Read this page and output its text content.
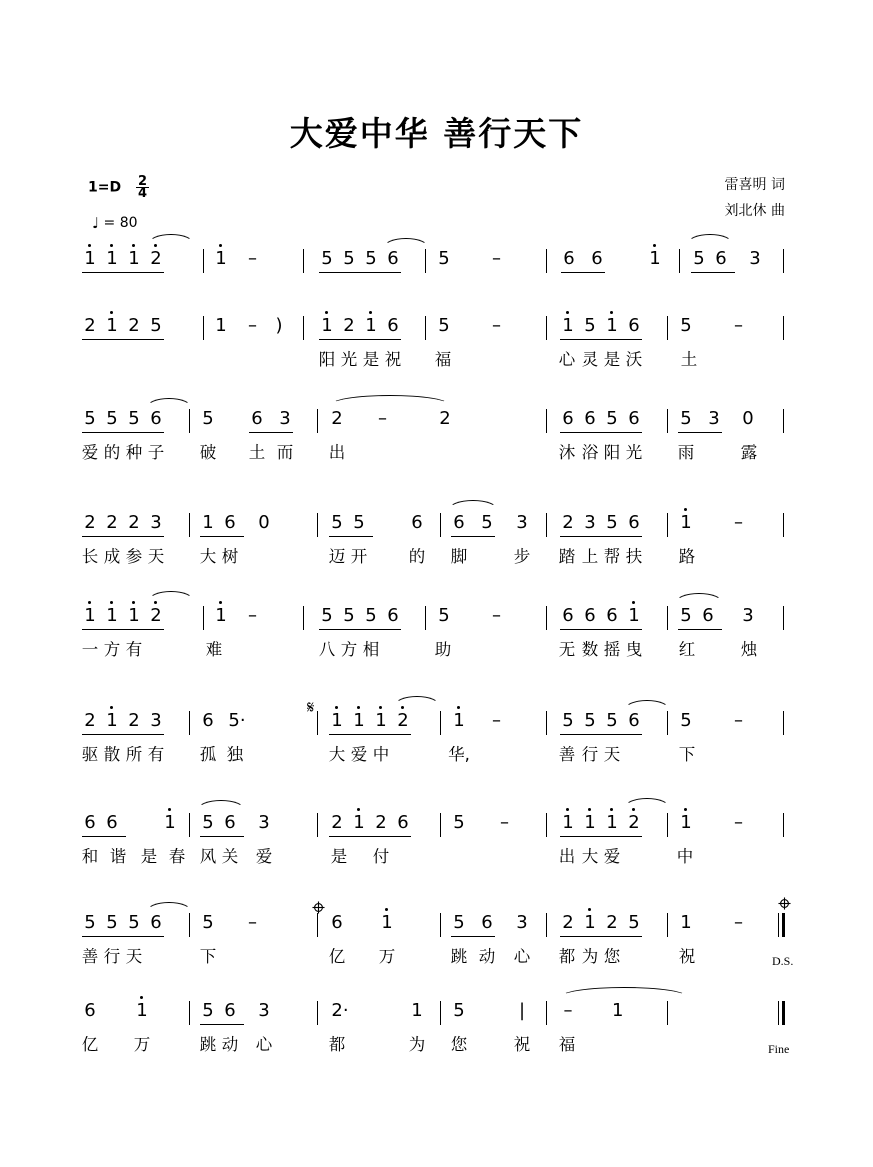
大爱中华 善行天下
$1=D \frac{2}{4}$
♩ = 80
雷喜明 词
刘北休 曲
1 1 1 2	1 –	5 5 5 6 5 –	6 6	1 5 6 3
2 1 2 5	1 – ) 1 2 1 6 5 –	1 5 1 6 5 –
阳 光 是 祝 福	心 灵 是 沃 土
5 5 5 6 5 6 3 2 –	2	6 6 5 6 5 3 0
爱 的 种 子 破 土 而 出	沐 浴 阳 光 雨	露
2 2 2 3 1 6 0	5 5	6 6 5 3 2 3 5 6 1 –
长 成 参 天 大 树	迈 开	的 脚	步 踏 上 帮 扶 路
1 1 1 2	1 –	5 5 5 6 5 –	6 6 6 1 5 6 3
一 方 有	难	八 方 相	助	无 数 摇 曳 红	烛
2 1 2 3 6 5·
𝄋
1 1 1 2 1 –	5 5 5 6 5 –
驱 散 所 有 孤 独	大 爱 中	华,	善 行 天	下
6 6	1 5 6 3	2 1 2 6 5 –	1 1 1 2 1 –
和 谐 是 春 风 关 爱	是 付	出 大 爱	中
5 5 5 6 5 –	6 1	5 6 3 2 1 2 5 1 –
善 行 天	下	亿 万	跳 动 心 都 为 您	祝	D.S.
6 1	5 6 3	2·	1 5	| – 1
亿 万	跳 动 心	都	为 您	祝 福	Fine
